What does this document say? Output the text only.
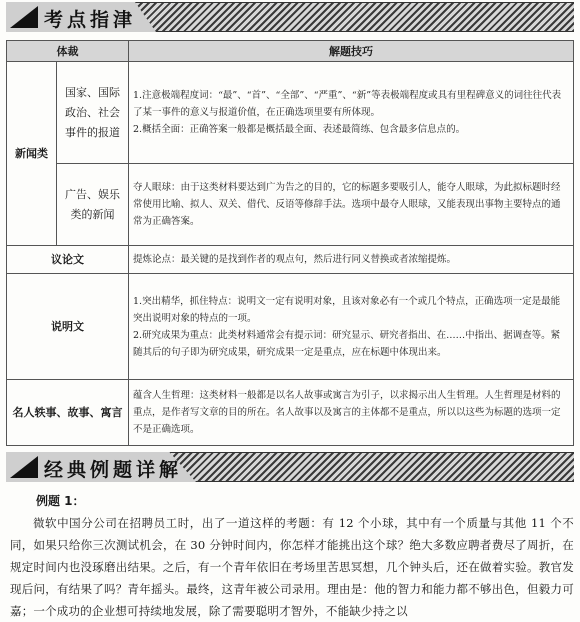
考点指津
体裁		解题技巧
新闻类	国家、国际政治、社会事件的报道	1.注意极端程度词：“最”、“首”、“全部”、“严重”、“新”等表极端程度或具有里程碑意义的词往往代表了某一事件的意义与报道价值，在正确选项里要有所体现。

2.概括全面：正确答案一般都是概括最全面、表述最简练、包含最多信息点的。

	广告、娱乐类的新闻	夺人眼球：由于这类材料要达到广为告之的目的，它的标题多要吸引人，能夺人眼球，为此拟标题时经常使用比喻、拟人、双关、借代、反语等修辞手法。选项中最夺人眼球，又能表现出事物主要特点的通常为正确答案。

议论文		提炼论点：最关键的是找到作者的观点句，然后进行同义替换或者浓缩提炼。

说明文		1.突出精华，抓住特点：说明文一定有说明对象，且该对象必有一个或几个特点，正确选项一定是最能突出说明对象的特点的一项。

2.研究成果为重点：此类材料通常会有提示词：研究显示、研究者指出、在……中指出、据调查等。紧随其后的句子即为研究成果，研究成果一定是重点，应在标题中体现出来。

名人轶事、故事、寓言		蕴含人生哲理：这类材料一般都是以名人故事或寓言为引子，以求揭示出人生哲理。人生哲理是材料的重点，是作者写文章的目的所在。名人故事以及寓言的主体都不是重点，所以以这些为标题的选项一定不是正确选项。

经典例题详解

例题 1：

微软中国分公司在招聘员工时，出了一道这样的考题：有 12 个小球，其中有一个质量与其他 11 个不同，如果只给你三次测试机会，在 30 分钟时间内，你怎样才能挑出这个球？绝大多数应聘者费尽了周折，在规定时间内也没琢磨出结果。之后，有一个青年依旧在考场里苦思冥想，几个钟头后，还在做着实验。教官发现后问，有结果了吗？青年摇头。最终，这青年被公司录用。理由是：他的智力和能力都不够出色，但毅力可嘉；一个成功的企业想可持续地发展，除了需要聪明才智外，不能缺少持之以
